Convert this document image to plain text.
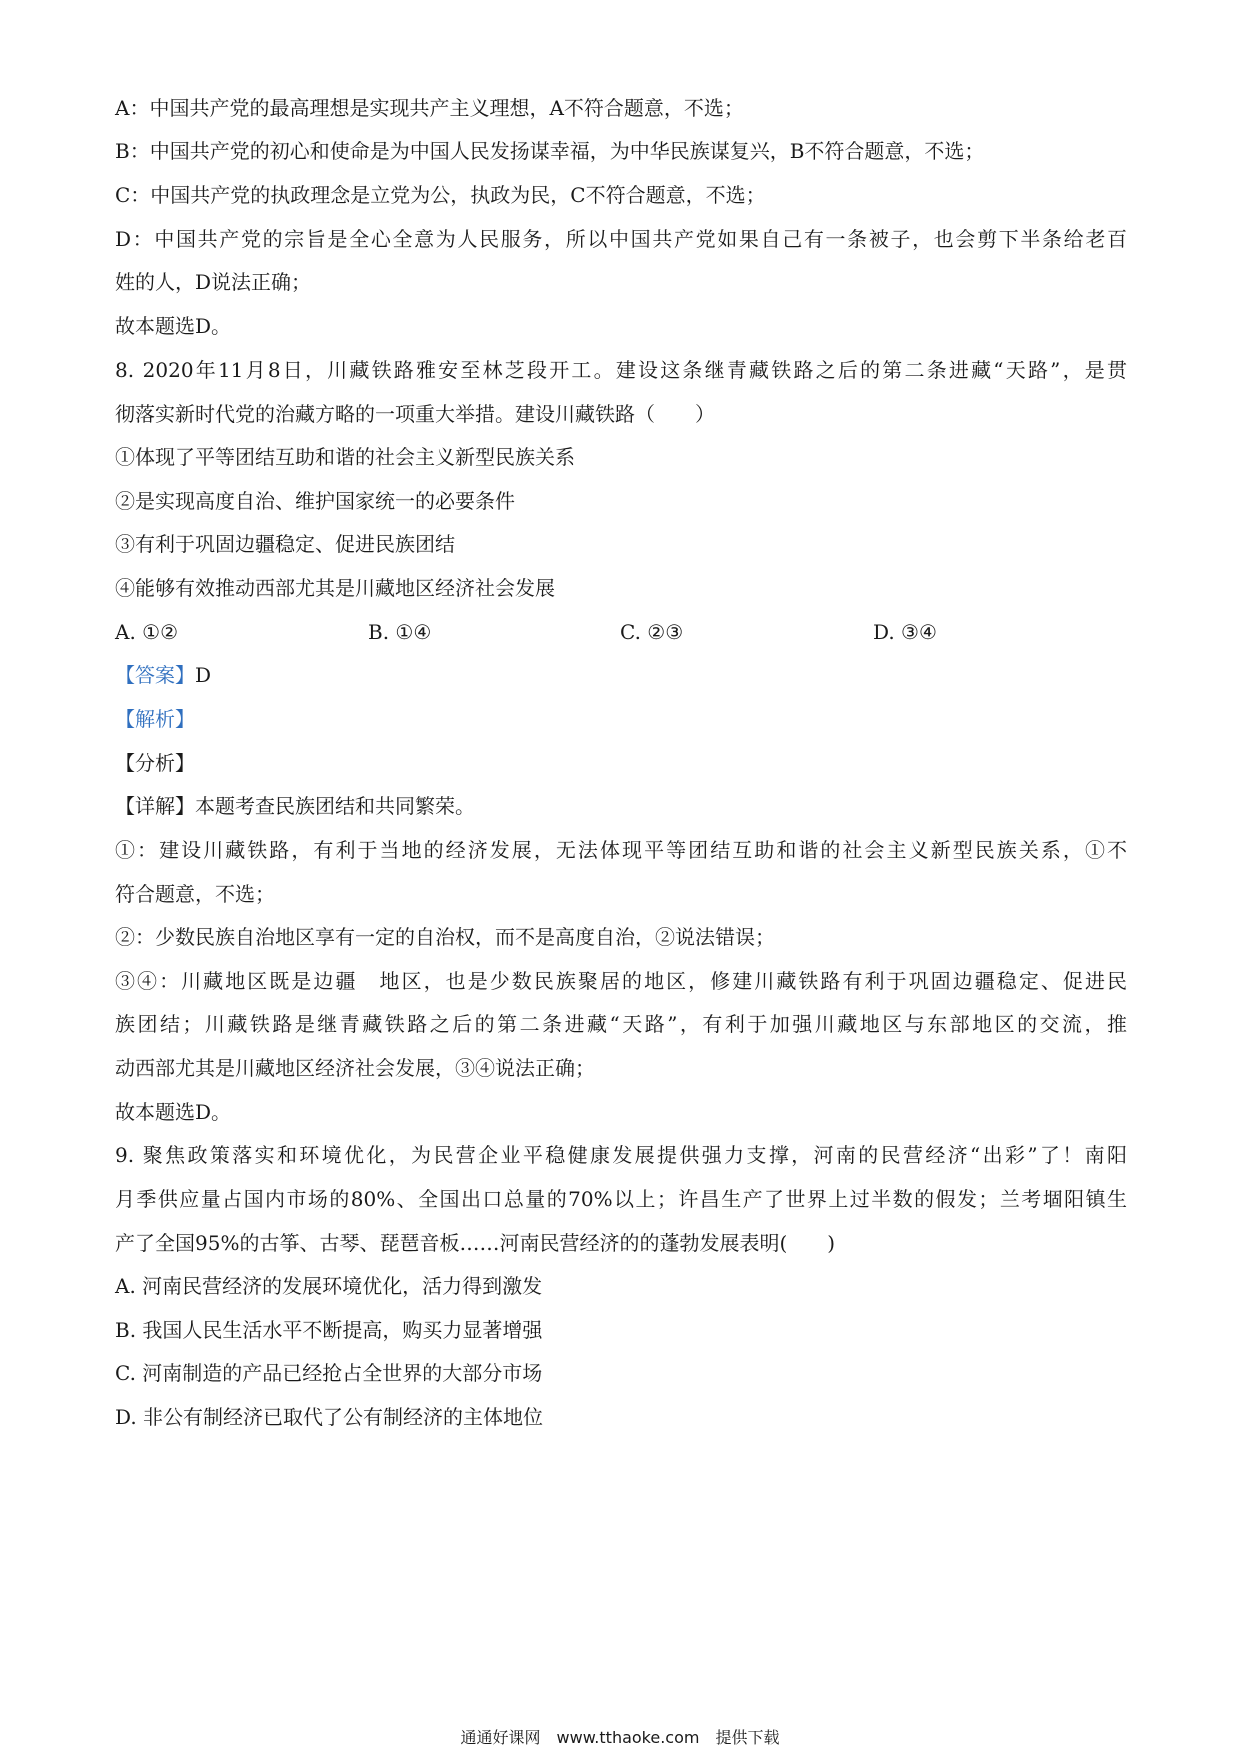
A：中国共产党的最高理想是实现共产主义理想，A不符合题意，不选；
B：中国共产党的初心和使命是为中国人民发扬谋幸福，为中华民族谋复兴，B不符合题意，不选；
C：中国共产党的执政理念是立党为公，执政为民，C不符合题意，不选；
D：中国共产党的宗旨是全心全意为人民服务，所以中国共产党如果自己有一条被子，也会剪下半条给老百
姓的人，D说法正确；
故本题选D。
8. 2020年11月8日，川藏铁路雅安至林芝段开工。建设这条继青藏铁路之后的第二条进藏“天路”，是贯
彻落实新时代党的治藏方略的一项重大举措。建设川藏铁路（　　）
①体现了平等团结互助和谐的社会主义新型民族关系
②是实现高度自治、维护国家统一的必要条件
③有利于巩固边疆稳定、促进民族团结
④能够有效推动西部尤其是川藏地区经济社会发展
A. ①②	B. ①④	C. ②③	D. ③④
【答案】D
【解析】
【分析】
【详解】本题考查民族团结和共同繁荣。
①：建设川藏铁路，有利于当地的经济发展，无法体现平等团结互助和谐的社会主义新型民族关系，①不
符合题意，不选；
②：少数民族自治地区享有一定的自治权，而不是高度自治，②说法错误；
③④：川藏地区既是边疆　地区，也是少数民族聚居的地区，修建川藏铁路有利于巩固边疆稳定、促进民
族团结；川藏铁路是继青藏铁路之后的第二条进藏“天路”，有利于加强川藏地区与东部地区的交流，推
动西部尤其是川藏地区经济社会发展，③④说法正确；
故本题选D。
9. 聚焦政策落实和环境优化，为民营企业平稳健康发展提供强力支撑，河南的民营经济“出彩”了！南阳
月季供应量占国内市场的80%、全国出口总量的70%以上；许昌生产了世界上过半数的假发；兰考堌阳镇生
产了全国95%的古筝、古琴、琵琶音板……河南民营经济的的蓬勃发展表明(　　)
A. 河南民营经济的发展环境优化，活力得到激发
B. 我国人民生活水平不断提高，购买力显著增强
C. 河南制造的产品已经抢占全世界的大部分市场
D. 非公有制经济已取代了公有制经济的主体地位
通通好课网　www.tthaoke.com　提供下载
